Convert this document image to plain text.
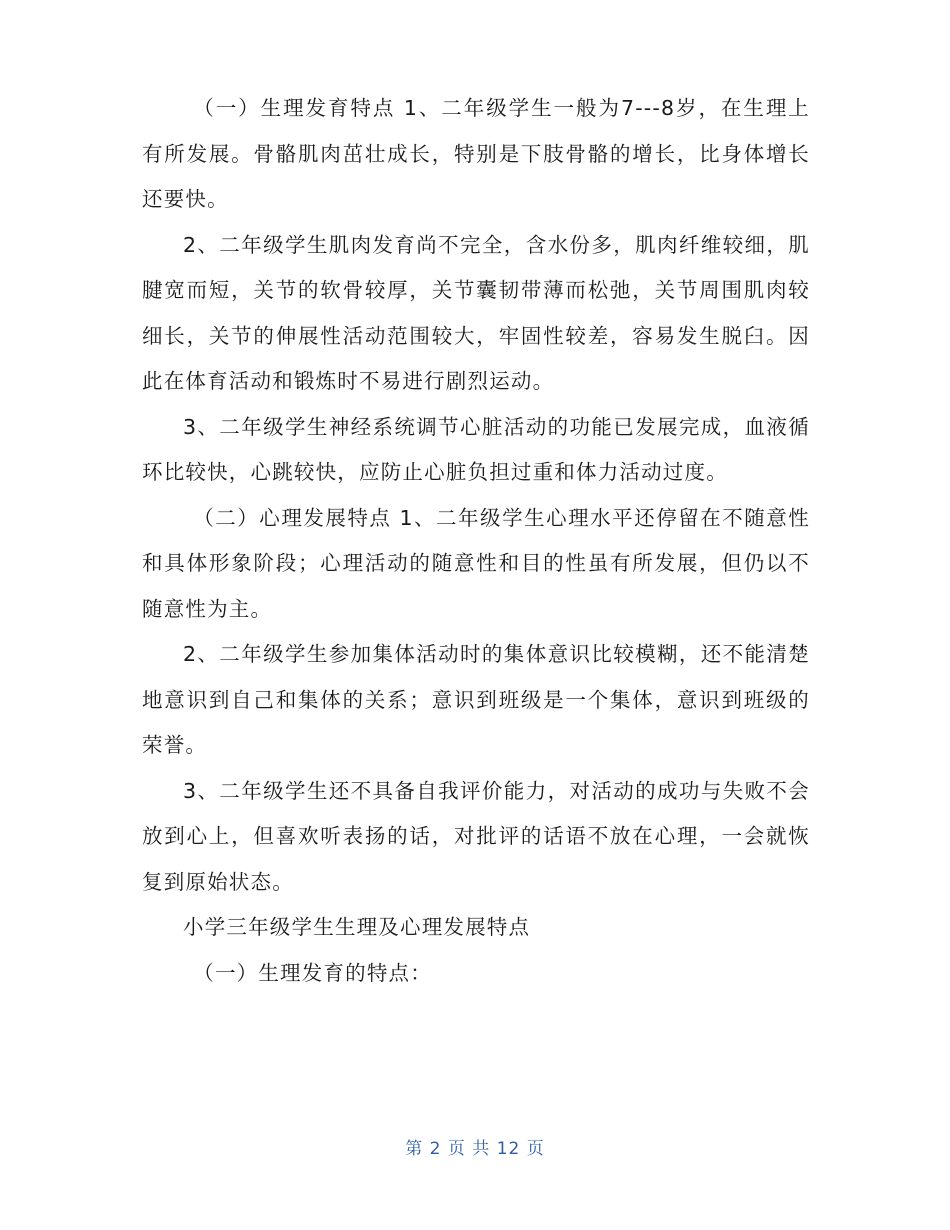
（一）生理发育特点 1、二年级学生一般为7---8岁，在生理上有所发展。骨骼肌肉茁壮成长，特别是下肢骨骼的增长，比身体增长还要快。

2、二年级学生肌肉发育尚不完全，含水份多，肌肉纤维较细，肌腱宽而短，关节的软骨较厚，关节囊韧带薄而松弛，关节周围肌肉较细长，关节的伸展性活动范围较大，牢固性较差，容易发生脱臼。因此在体育活动和锻炼时不易进行剧烈运动。

3、二年级学生神经系统调节心脏活动的功能已发展完成，血液循环比较快，心跳较快，应防止心脏负担过重和体力活动过度。

（二）心理发展特点 1、二年级学生心理水平还停留在不随意性和具体形象阶段；心理活动的随意性和目的性虽有所发展，但仍以不随意性为主。

2、二年级学生参加集体活动时的集体意识比较模糊，还不能清楚地意识到自己和集体的关系；意识到班级是一个集体，意识到班级的荣誉。

3、二年级学生还不具备自我评价能力，对活动的成功与失败不会放到心上，但喜欢听表扬的话，对批评的话语不放在心理，一会就恢复到原始状态。

小学三年级学生生理及心理发展特点

（一）生理发育的特点：

第 2 页 共 12 页
